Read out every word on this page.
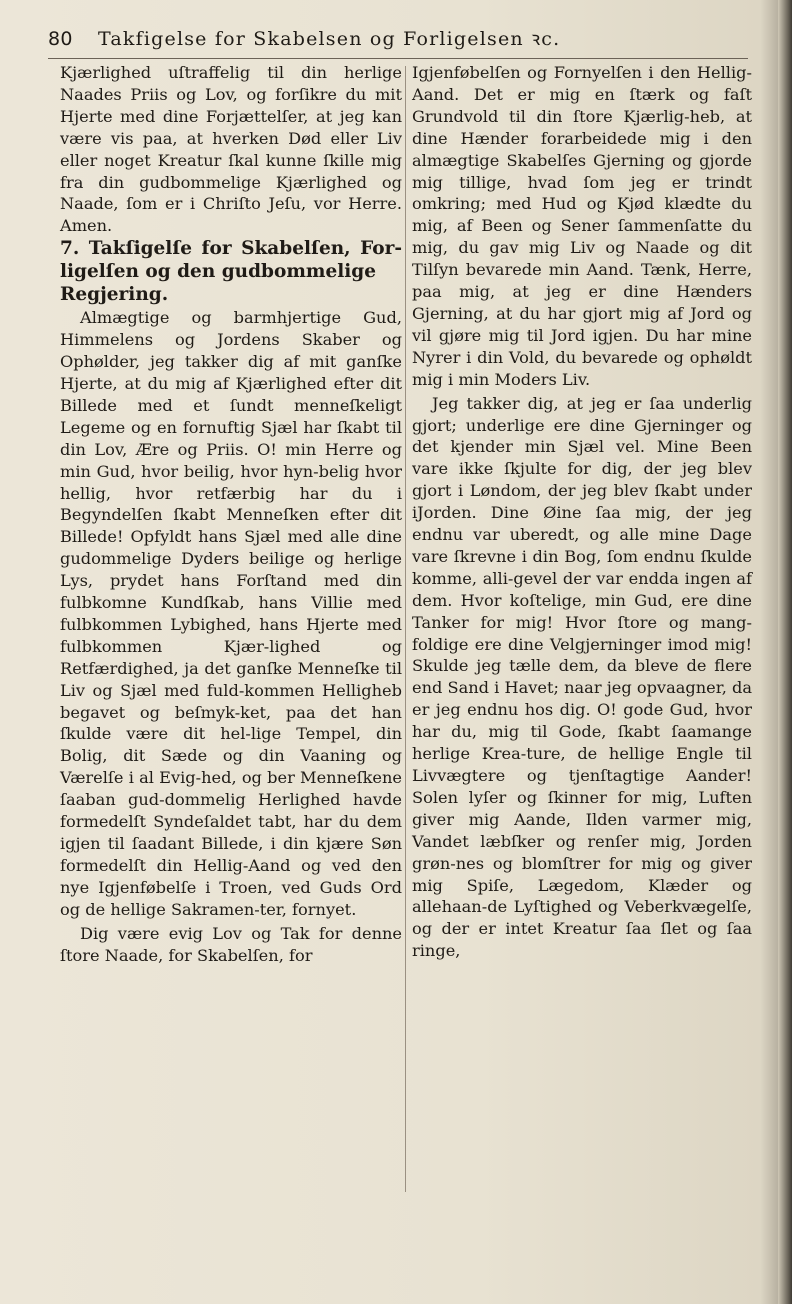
80 Takfigelse for Skabelsen og Forligelsen ꝛc.

Kjærlighed uſtraffelig til din herlige Naades Priis og Lov, og forſikre du mit Hjerte med dine Forjættelſer, at jeg kan være vis paa, at hverken Død eller Liv eller noget Kreatur ſkal kunne ſkille mig fra din gudbommelige Kjærlighed og Naade, ſom er i Chriſto Jeſu, vor Herre. Amen.

7. Takſigelſe for Skabelſen, For-ligelſen og den gudbommelige

Regjering.

Almægtige og barmhjertige Gud, Himmelens og Jordens Skaber og Ophølder, jeg takker dig af mit ganſke Hjerte, at du mig af Kjærlighed efter dit Billede med et ſundt menneſkeligt Legeme og en fornuftig Sjæl har ſkabt til din Lov, Ære og Priis. O! min Herre og min Gud, hvor beilig, hvor hyn-belig hvor hellig, hvor retfærbig har du i Begyndelſen ſkabt Menneſken efter dit Billede! Opfyldt hans Sjæl med alle dine gudommelige Dyders beilige og herlige Lys, prydet hans Forſtand med din fulbkomne Kundſkab, hans Villie med fulbkommen Lybighed, hans Hjerte med fulbkommen Kjær-lighed og Retfærdighed, ja det ganſke Menneſke til Liv og Sjæl med fuld-kommen Helligheb begavet og beſmyk-ket, paa det han ſkulde være dit hel-lige Tempel, din Bolig, dit Sæde og din Vaaning og Værelſe i al Evig-hed, og ber Menneſkene ſaaban gud-dommelig Herlighed havde formedelſt Syndeſaldet tabt, har du dem igjen til ſaadant Billede, i din kjære Søn formedelſt din Hellig-Aand og ved den nye Igjenføbelſe i Troen, ved Guds Ord og de hellige Sakramen-ter, fornyet.

Dig være evig Lov og Tak for denne ſtore Naade, for Skabelſen, for

Igjenføbelſen og Fornyelſen i den Hellig-Aand. Det er mig en ſtærk og faſt Grundvold til din ſtore Kjærlig-heb, at dine Hænder forarbeidede mig i den almægtige Skabelſes Gjerning og gjorde mig tillige, hvad ſom jeg er trindt omkring; med Hud og Kjød klædte du mig, af Been og Sener ſammenſatte du mig, du gav mig Liv og Naade og dit Tilſyn bevarede min Aand. Tænk, Herre, paa mig, at jeg er dine Hænders Gjerning, at du har gjort mig af Jord og vil gjøre mig til Jord igjen. Du har mine Nyrer i din Vold, du bevarede og ophøldt mig i min Moders Liv.

Jeg takker dig, at jeg er ſaa underlig gjort; underlige ere dine Gjerninger og det kjender min Sjæl vel. Mine Been vare ikke ſkjulte for dig, der jeg blev gjort i Løndom, der jeg blev ſkabt under iJorden. Dine Øine ſaa mig, der jeg endnu var uberedt, og alle mine Dage vare ſkrevne i din Bog, ſom endnu ſkulde komme, alli-gevel der var endda ingen af dem. Hvor koſtelige, min Gud, ere dine Tanker for mig! Hvor ſtore og mang-foldige ere dine Velgjerninger imod mig! Skulde jeg tælle dem, da bleve de flere end Sand i Havet; naar jeg opvaagner, da er jeg endnu hos dig. O! gode Gud, hvor har du, mig til Gode, ſkabt ſaamange herlige Krea-ture, de hellige Engle til Livvægtere og tjenſtagtige Aander! Solen lyſer og ſkinner for mig, Luften giver mig Aande, Ilden varmer mig, Vandet læbſker og renſer mig, Jorden grøn-nes og blomſtrer for mig og giver mig Spiſe, Lægedom, Klæder og allehaan-de Lyſtighed og Veberkvægelſe, og der er intet Kreatur ſaa ſlet og ſaa ringe,
